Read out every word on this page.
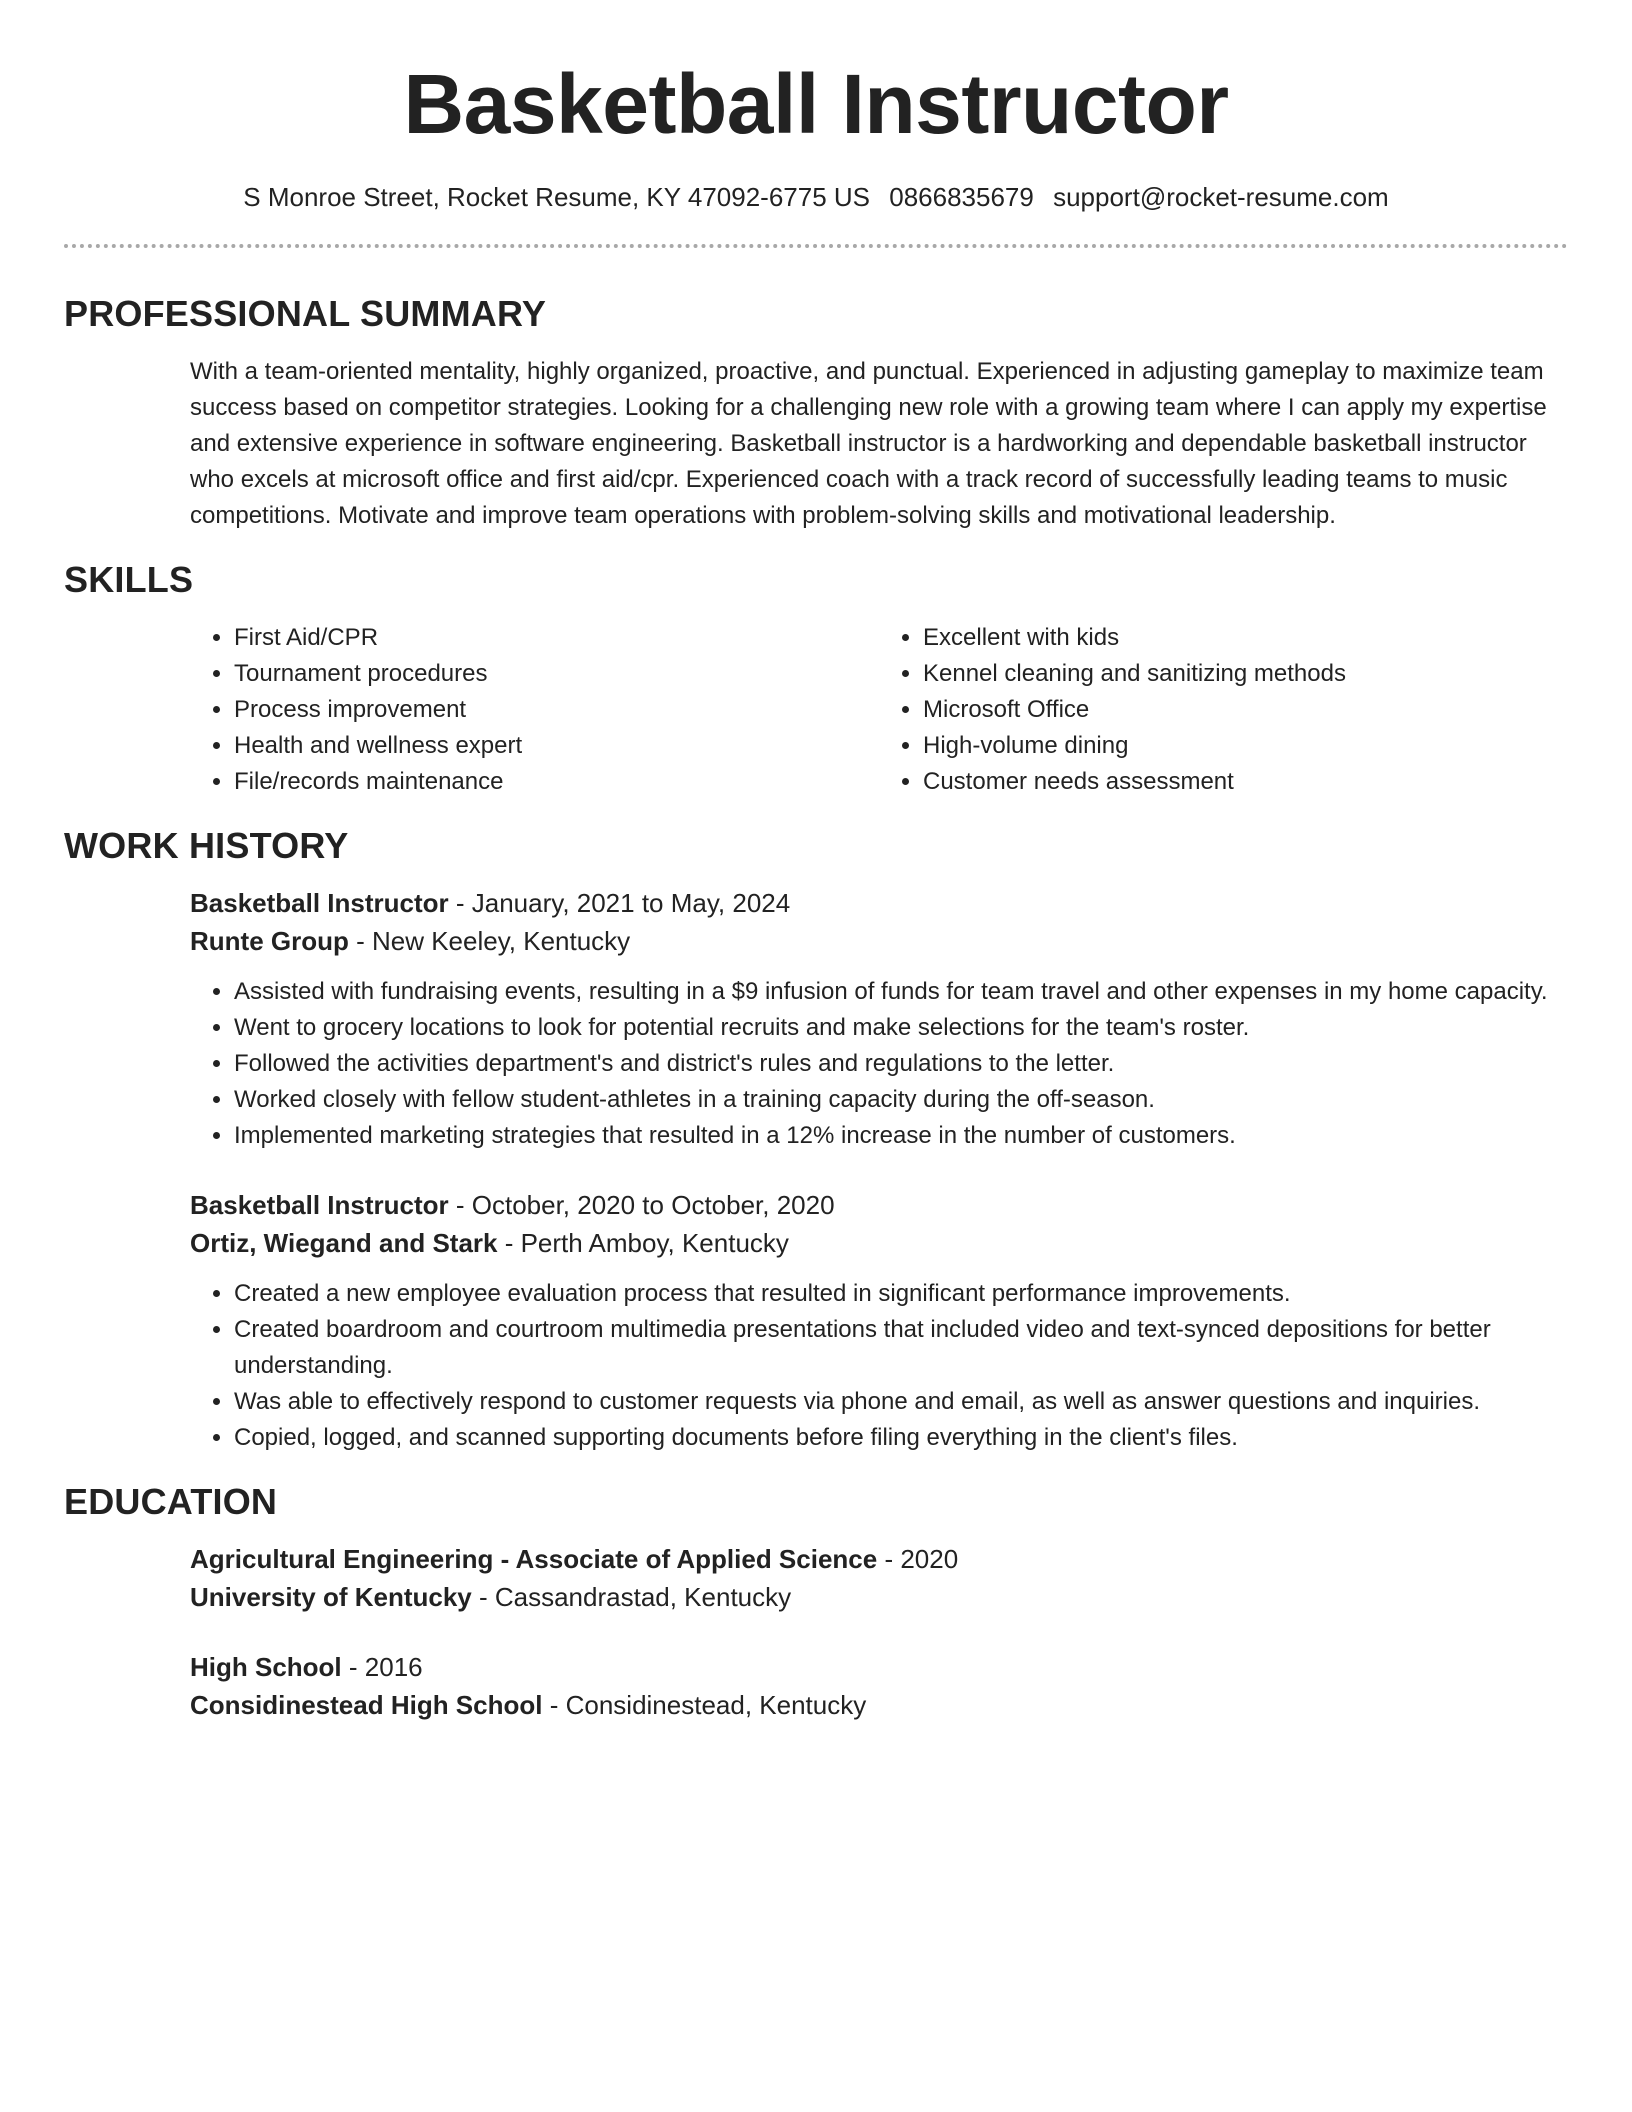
Basketball Instructor
S Monroe Street, Rocket Resume, KY 47092-6775 US 0866835679 support@rocket-resume.com
PROFESSIONAL SUMMARY

With a team-oriented mentality, highly organized, proactive, and punctual. Experienced in adjusting gameplay to maximize team success based on competitor strategies. Looking for a challenging new role with a growing team where I can apply my expertise and extensive experience in software engineering. Basketball instructor is a hardworking and dependable basketball instructor who excels at microsoft office and first aid/cpr. Experienced coach with a track record of successfully leading teams to music competitions. Motivate and improve team operations with problem-solving skills and motivational leadership.

SKILLS
• First Aid/CPR
• Tournament procedures
• Process improvement
• Health and wellness expert
• File/records maintenance
• Excellent with kids
• Kennel cleaning and sanitizing methods
• Microsoft Office
• High-volume dining
• Customer needs assessment
WORK HISTORY
Basketball Instructor - January, 2021 to May, 2024
Runte Group - New Keeley, Kentucky
• Assisted with fundraising events, resulting in a $9 infusion of funds for team travel and other expenses in my home capacity.
• Went to grocery locations to look for potential recruits and make selections for the team's roster.
• Followed the activities department's and district's rules and regulations to the letter.
• Worked closely with fellow student-athletes in a training capacity during the off-season.
• Implemented marketing strategies that resulted in a 12% increase in the number of customers.
Basketball Instructor - October, 2020 to October, 2020
Ortiz, Wiegand and Stark - Perth Amboy, Kentucky
• Created a new employee evaluation process that resulted in significant performance improvements.
• Created boardroom and courtroom multimedia presentations that included video and text-synced depositions for better understanding.
• Was able to effectively respond to customer requests via phone and email, as well as answer questions and inquiries.
• Copied, logged, and scanned supporting documents before filing everything in the client's files.
EDUCATION
Agricultural Engineering - Associate of Applied Science - 2020
University of Kentucky - Cassandrastad, Kentucky
High School - 2016
Considinestead High School - Considinestead, Kentucky
